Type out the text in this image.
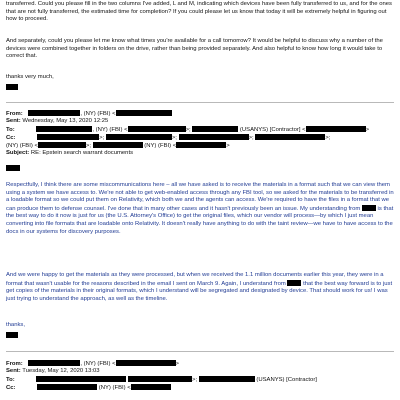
transferred. Could you please fill in the two columns I've added, L and M, indicating which devices have been fully transferred to us, and for the ones that are not fully transferred, the estimated time for completion? If you could please let us know that today it will be extremely helpful in figuring out how to proceed.

And separately, could you please let me know what times you're available for a call tomorrow? It would be helpful to discuss why a number of the devices were combined together in folders on the drive, rather than being provided separately. And also helpful to know how long it would take to correct that.

thanks very much,
From:	, (NY) (FBI) <
Sent: Wednesday, May 13, 2020 12:25
To:	, (NY) (FBI) <	>;	(USANYS) [Contractor] <	>
Cc:	>;	>;	>;	>;
(NY) (FBI) <	>;	(NY) (FBI) <	>
Subject: RE: Epstein search warrant documents

Respectfully, I think there are some miscommunications here – all we have asked is to receive the materials in a format such that we can view them using a system we have access to. We're not able to get web-enabled access through any FBI tool, so we asked for the materials to be transferred in a loadable format so we could put them on Relativity, which both we and the agents can access. We're required to have the files in a format that we can produce them to defense counsel. I've done that in many other cases and it hasn't previously been an issue. My understanding from	is that the best way to do it now is just for us (the U.S. Attorney's Office) to get the original files, which our vendor will process—by which I just mean converting into file formats that are loadable onto Relativity. It doesn't really have anything to do with the taint review—we have to have access to the docs in our systems for discovery purposes.

And we were happy to get the materials as they were processed, but when we received the 1.1 million documents earlier this year, they were in a format that wasn't usable for the reasons described in the email I sent on March 9. Again, I understand from	that the best way forward is to just get copies of the materials in their original formats, which I understand will be segregated and designated by device. That should work for us! I was just trying to understand the approach, as well as the timeline.

thanks,
From:	, (NY) (FBI) <	>
Sent: Tuesday, May 12, 2020 13:03
To:	>;	(USANYS) [Contractor]
Cc:	(NY) (FBI) <
